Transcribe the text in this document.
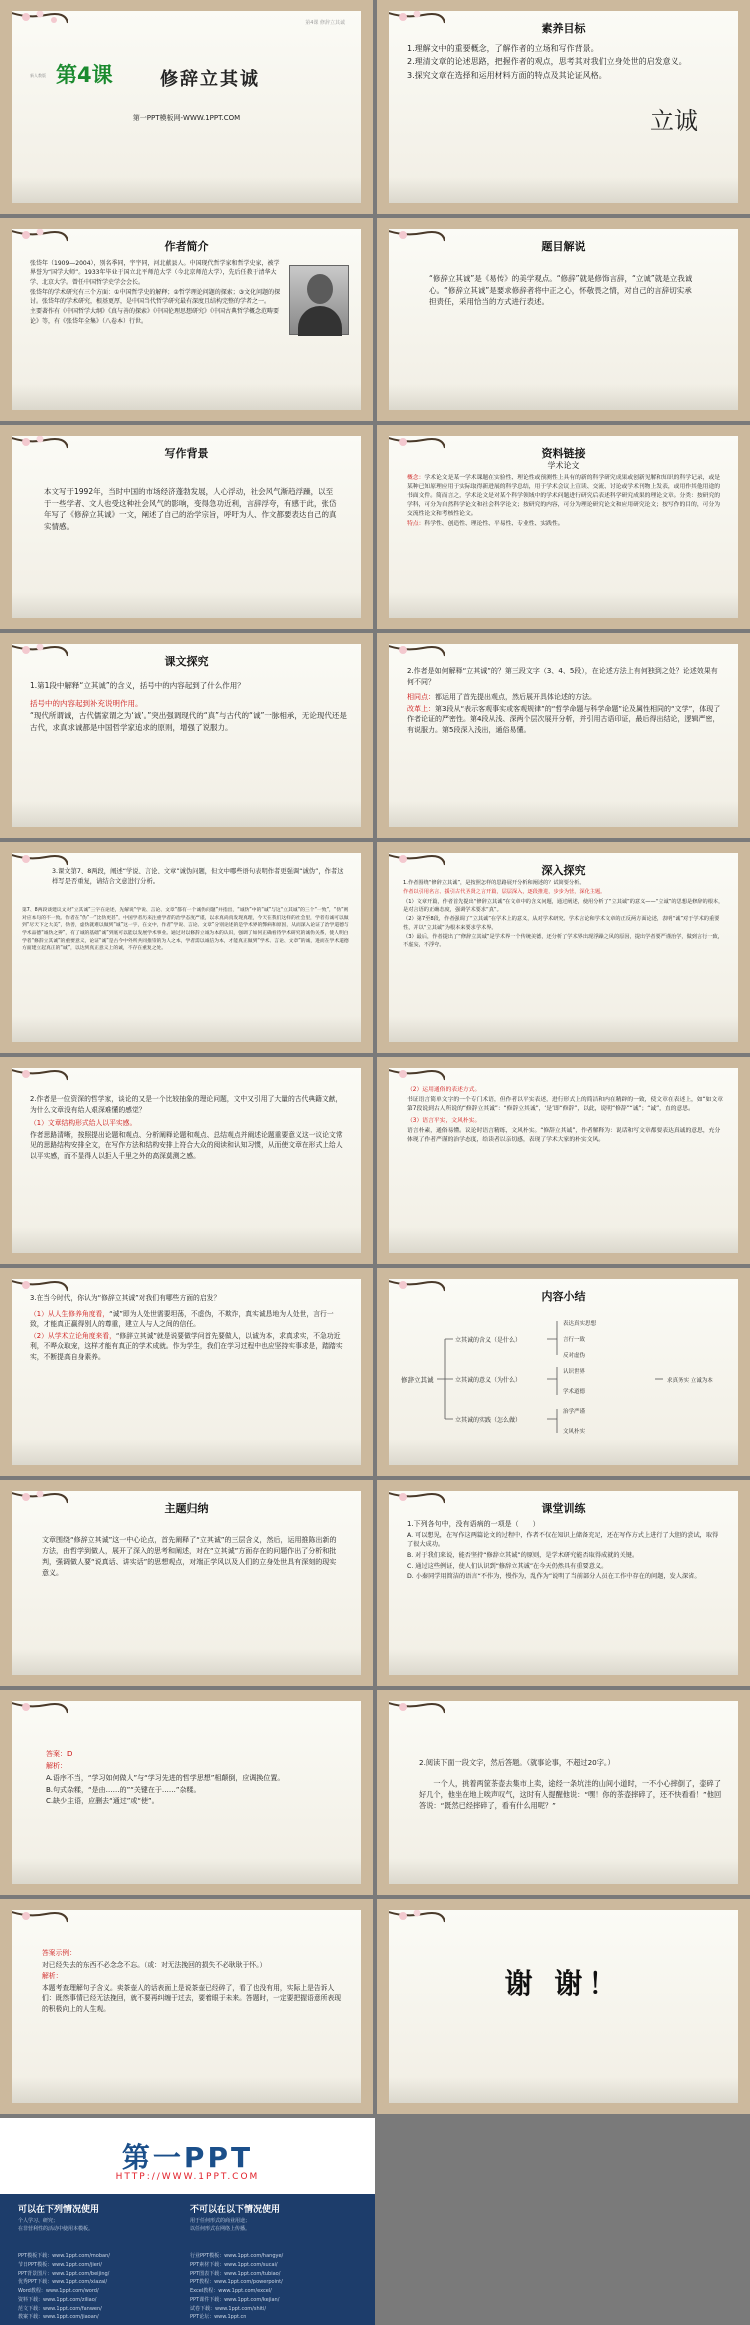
第4课 修辞立其诚
新人教版 第4课	修辞立其诚
第一PPT模板网-WWW.1PPT.COM
素养目标

1.理解文中的重要概念，了解作者的立场和写作背景。

2.理清文章的论述思路，把握作者的观点，思考其对我们立身处世的启发意义。

3.探究文章在选择和运用材料方面的特点及其论证风格。

立诚
作者简介

张岱年（1909—2004），别名季同，宇宇同，河北献县人。中国现代哲学家和哲学史家，被学界誉为“国学大师”。1933年毕业于国立北平师范大学（今北京师范大学），先后任教于清华大学、北京大学。曾任中国哲学史学会会长。

张岱年的学术研究有三个方面：①中国哲学史的解释；②哲学理论问题的探索；③文化问题的探讨。张岱年的学术研究，根基更厚，是中国当代哲学研究最有深度且结构完整的学者之一。

主要著作有《中国哲学大纲》《真与善的探索》《中国伦理思想研究》《中国古典哲学概念范畴要论》等，有《张岱年全集》（八卷本）行世。

题目解说

“修辞立其诚”是《易传》的美学观点。“修辞”就是修饰言辞，“立诚”就是立我诚心。“修辞立其诚”是要求修辞者将中正之心，怀敬畏之情，对自己的言辞切实承担责任，采用恰当的方式进行表述。

写作背景

本文写于1992年，当时中国的市场经济蓬勃发展，人心浮动，社会风气渐趋浮躁，以至于一些学者、文人也受这种社会风气的影响，变得急功近利，言辞浮夸，有感于此，张岱年写了《修辞立其诚》一文，阐述了自己的治学宗旨，呼吁为人、作文都要表达自己的真实情感。

资料链接
学术论文

概念：学术论文是某一学术课题在实验性、理论性或预测性上具有的新的科学研究成果或创新见解和知识的科学记录，或是某种已知原理应用于实际取得新进展的科学总结，用于学术会议上宣读、交流、讨论或学术刊物上发表，或用作其他用途的书面文件。简而言之，学术论文是对某个科学领域中的学术问题进行研究后表述科学研究成果的理论文章。分类：按研究的学科，可分为自然科学论文和社会科学论文；按研究的内容，可分为理论研究论文和应用研究论文；按写作的目的，可分为交流性论文和考核性论文。

特点：科学性、创造性、理论性、平易性、专业性、实践性。

课文探究

1.第1段中解释“立其诚”的含义，括号中的内容起到了什么作用？

括号中的内容起到补充说明作用。

“现代所谓诚，古代儒家谓之为‘诚’。”突出强调现代的“真”与古代的“诚”一脉相承，无论现代还是古代，求真求诚都是中国哲学家追求的原则，增强了说服力。

2.作者是如何解释“立其诚”的？第三段文字（3、4、5段），在论述方法上有何独到之处？论述效果有何不同？

相同点：都运用了首先提出观点，然后展开具体论述的方法。

改革上：第3段从“表示客观事实或客观规律”的“哲学命题与科学命题”论及属性相同的“文学”，体现了作者论证的严密性。第4段从浅、深两个层次展开分析，并引用古语印证，最后得出结论，逻辑严密，有说服力。第5段深入浅出，通俗易懂。

3.课文第7、8两段，阐述“学说、言论、文章”诚伪问题，但文中哪些语句表明作者更强调“诚伪”，作者这样写是否重复，请结合文意进行分析。

第7、8两段谈建议文对“立其诚”三字在论述，先解说“学说、言论、文章”都有一个诚伪问题”并指出，“诚伪”中的“诚”与这“立其诚”的三个“一致”，“伪”则对应本句的不一致。作者在“伪”一“比伪更甚”，中国学者历来注重学者的治学态度严谨，以求真尚真发现真理，今天在我们这样的社会里，学者有诚可以做到“尽天下之大美”，伪善，虚伪就难以做到“诚”这一字，在文中，作者“学说、言论、文章”分别论述的是学术界的弊病和原因，从而深入论证了治学道德与学术品德“诚伪之辨”，有了诚的基础“诚”到底可以能以发展学术事业。通过对以修辞立诚为本的认识，强调了如何正确看待学术研究的诚伪关系，使人明白学者“修辞立其诚”的重要意义，论证“诚”是古今中外所共同推崇的为人之本，学者需以诚信为本，才能真正做到“学术、言论、文章”的诚，进而在学术道德方面建立起真正的“诚”，以达到真正意义上的诚，不存在重复之处。

深入探究

1.作者围绕“修辞立其诚”，是按照怎样的思路展开分析和阐述的？试简要分析。

作者以引用名言、援引古代圣贤之言开篇，层层深入，逐段推进，步步为营，深化主题。

（1）文章开篇，作者首先提出“修辞立其诚”在文章中的含义问题，通过阐述，使用分析了“立其诚”的意义——“立诚”的思想是修辞的根本，是对言语的正确态度，强调学术要求“真”。

（2）第7至8段，作者强调了“立其诚”在学术上的意义，从对学术研究、学术言论和学术文章的正反两方面论述，表明“诚”对于学术的重要性，并以“立其诚”为根本来要求学术界。

（3）最后，作者提出了“修辞立其诚”是学术界一个传统美德，还分析了学术界出现浮躁之风的原因，提出学者要严谨治学，做到言行一致，不虚妄，不浮夸。

2.作者是一位资深的哲学家，谈论的又是一个比较抽象的理论问题，文中又引用了大量的古代典籍文献，为什么文章没有给人艰深难懂的感觉？

（1）文章结构形式给人以平实感。

作者思路清晰，按照提出论题和观点、分析阐释论题和观点、总结观点并阐述论题重要意义这一议论文常见的思路结构安排全文，在写作方法和结构安排上符合大众的阅读和认知习惯，从而使文章在形式上给人以平实感，而不显得人以拒人千里之外的高深莫测之感。

（2）运用通俗的表述方式。

书证语言简单文字的一个专门术语，但作者以平实表述，进行形式上的简洁和内在精辟的一致，使文章在表述上，如“如文章第7段说到古人所说的“修辞立其诚”：“修辞立其诚”，‘是’即“修辞”，以此，说明“修辞”“诚”；“诚”，直的意思。

（3）语言平实，文风朴实。

语言朴素，通俗易懂。议论时语言精练，文风朴实。“修辞立其诚”，作者解释为：说话和写文章都要表达真诚的意思，充分体现了作者严谨的治学态度，给读者以亲切感，表现了学术大家的朴实文风。

3.在当今时代，你认为“修辞立其诚”对我们有哪些方面的启发？

（1）从人生修养角度看，“诚”即为人处世需要坦荡，不虚伪，不欺诈，真实诚恳地为人处世，言行一致，才能真正赢得别人的尊重，建立人与人之间的信任。

（2）从学术立论角度来看，“修辞立其诚”就是说要做学问首先要做人，以诚为本，求真求实，不急功近利，不哗众取宠，这样才能有真正的学术成就。作为学生，我们在学习过程中也应坚持实事求是，踏踏实实，不断提高自身素养。

内容小结
修辞立其诚
立其诚的含义（是什么）
立其诚的意义（为什么）
立其诚的实践（怎么做）
表达真实思想
言行一致
反对虚伪
认识世界
学术道德
治学严谨
文风朴实
求真务实 立诚为本
主题归纳

文章围绕“修辞立其诚”这一中心论点，首先阐释了“立其诚”的三层含义，然后，运用推陈出新的方法，由哲学到做人，展开了深入的思考和阐述，对在“立其诚”方面存在的问题作出了分析和批判，强调做人要“说真话、讲实话”的思想观点，对端正学风以及人们的立身处世具有深刻的现实意义。

课堂训练

1.下列各句中，没有语病的一项是（　　）

A. 可以想见，在写作这两篇论文的过程中，作者不仅在知识上储备充足，还在写作方式上进行了大胆的尝试，取得了很大成功。

B. 对于我们来说，能否坚持“修辞立其诚”的原则，是学术研究能否取得成就的关键。

C. 通过这些例证，使人们认识到“修辞立其诚”在今天仍然具有重要意义。

D. 小秦同学用简洁的语言“不作为，慢作为，乱作为”说明了当前部分人员在工作中存在的问题，发人深省。

答案：D

解析：

A.语序不当，“学习如何做人”与“学习先进的哲学思想”相颠倒，应调换位置。

B.句式杂糅，“是由……的”“关键在于……”杂糅。

C.缺少主语，应删去“通过”或“使”。

2.阅读下面一段文字，然后答题。（就事论事，不超过20字。）

一个人，挑着两筐茶壶去集市上卖，途经一条坑洼的山间小道时，一不小心摔倒了，壶碎了好几个，他坐在地上唉声叹气，这时有人提醒他说：“嘿！你的茶壶摔碎了，还不快看看！”他回答说：“既然已经摔碎了，看有什么用呢？”

答案示例：

对已经失去的东西不必念念不忘。（或：对无法挽回的损失不必耿耿于怀。）

解析：

本题考查理解句子含义。卖茶壶人的话表面上是说茶壶已经碎了，看了也没有用，实际上是告诉人们：既然事情已经无法挽回，就不要再纠缠于过去，要着眼于未来。答题时，一定要把握语意所表现的积极向上的人生观。

谢 谢！
第一PPT
HTTP://WWW.1PPT.COM
可以在下列情况使用

个人学习、研究；

在非营利性的活动中使用本模板。

不可以在以下情况使用

用于任何形式的商业用途；

以任何形式在网络上传播。

PPT模板下载：www.1ppt.com/moban/
节日PPT模板：www.1ppt.com/jieri/
PPT背景图片：www.1ppt.com/beijing/
优秀PPT下载：www.1ppt.com/xiazai/
Word教程：www.1ppt.com/word/
资料下载：www.1ppt.com/ziliao/
范文下载：www.1ppt.com/fanwen/
教案下载：www.1ppt.com/jiaoan/
行业PPT模板：www.1ppt.com/hangye/
PPT素材下载：www.1ppt.com/sucai/
PPT图表下载：www.1ppt.com/tubiao/
PPT教程：www.1ppt.com/powerpoint/
Excel教程：www.1ppt.com/excel/
PPT课件下载：www.1ppt.com/kejian/
试卷下载：www.1ppt.com/shiti/
PPT论坛：www.1ppt.cn
